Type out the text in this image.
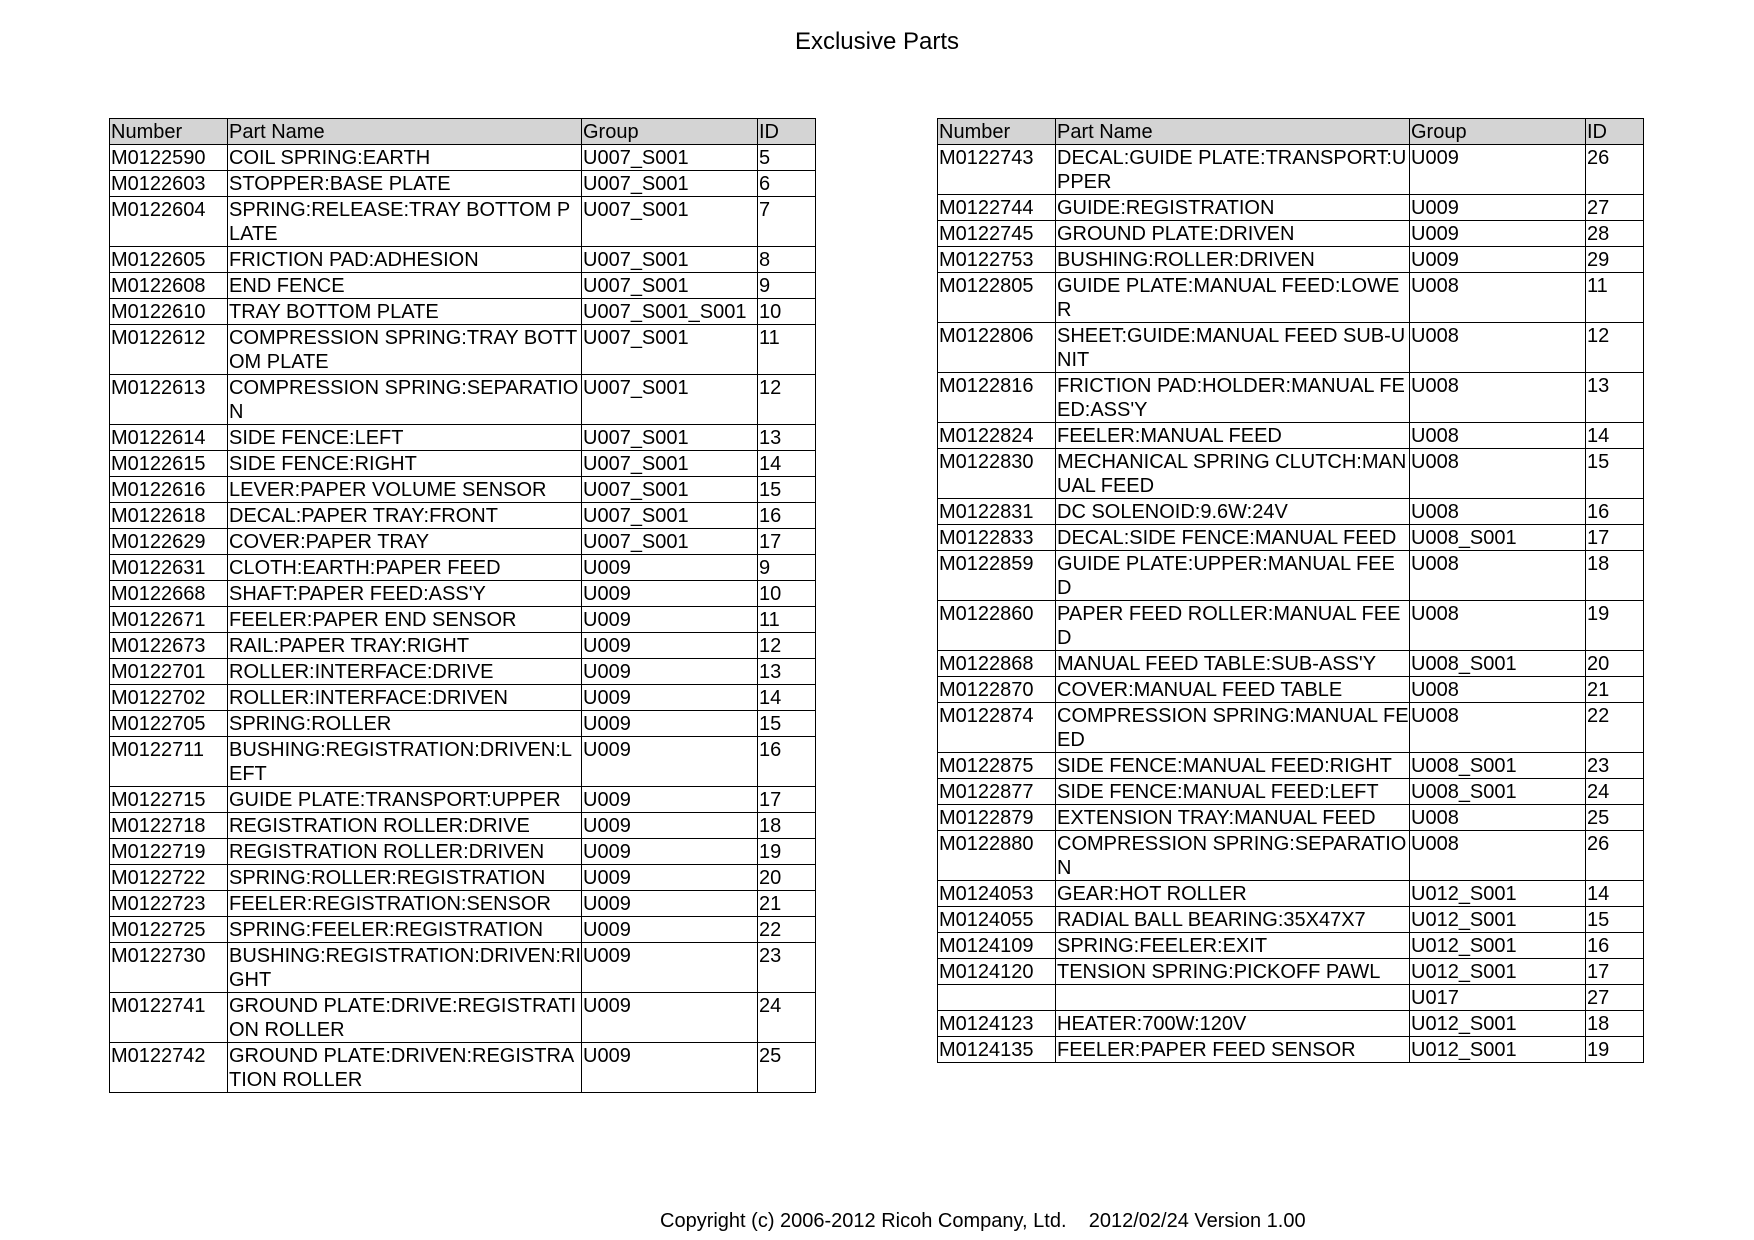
Exclusive Parts
Number	Part Name	Group	ID
M0122590	COIL SPRING:EARTH	U007_S001	5
M0122603	STOPPER:BASE PLATE	U007_S001	6
M0122604	SPRING:RELEASE:TRAY BOTTOM PLATE	U007_S001	7
M0122605	FRICTION PAD:ADHESION	U007_S001	8
M0122608	END FENCE	U007_S001	9
M0122610	TRAY BOTTOM PLATE	U007_S001_S001	10
M0122612	COMPRESSION SPRING:TRAY BOTTOM PLATE	U007_S001	11
M0122613	COMPRESSION SPRING:SEPARATION	U007_S001	12
M0122614	SIDE FENCE:LEFT	U007_S001	13
M0122615	SIDE FENCE:RIGHT	U007_S001	14
M0122616	LEVER:PAPER VOLUME SENSOR	U007_S001	15
M0122618	DECAL:PAPER TRAY:FRONT	U007_S001	16
M0122629	COVER:PAPER TRAY	U007_S001	17
M0122631	CLOTH:EARTH:PAPER FEED	U009	9
M0122668	SHAFT:PAPER FEED:ASS'Y	U009	10
M0122671	FEELER:PAPER END SENSOR	U009	11
M0122673	RAIL:PAPER TRAY:RIGHT	U009	12
M0122701	ROLLER:INTERFACE:DRIVE	U009	13
M0122702	ROLLER:INTERFACE:DRIVEN	U009	14
M0122705	SPRING:ROLLER	U009	15
M0122711	BUSHING:REGISTRATION:DRIVEN:LEFT	U009	16
M0122715	GUIDE PLATE:TRANSPORT:UPPER	U009	17
M0122718	REGISTRATION ROLLER:DRIVE	U009	18
M0122719	REGISTRATION ROLLER:DRIVEN	U009	19
M0122722	SPRING:ROLLER:REGISTRATION	U009	20
M0122723	FEELER:REGISTRATION:SENSOR	U009	21
M0122725	SPRING:FEELER:REGISTRATION	U009	22
M0122730	BUSHING:REGISTRATION:DRIVEN:RIGHT	U009	23
M0122741	GROUND PLATE:DRIVE:REGISTRATION ROLLER	U009	24
M0122742	GROUND PLATE:DRIVEN:REGISTRATION ROLLER	U009	25
Number	Part Name	Group	ID
M0122743	DECAL:GUIDE PLATE:TRANSPORT:UPPER	U009	26
M0122744	GUIDE:REGISTRATION	U009	27
M0122745	GROUND PLATE:DRIVEN	U009	28
M0122753	BUSHING:ROLLER:DRIVEN	U009	29
M0122805	GUIDE PLATE:MANUAL FEED:LOWER	U008	11
M0122806	SHEET:GUIDE:MANUAL FEED SUB-UNIT	U008	12
M0122816	FRICTION PAD:HOLDER:MANUAL FEED:ASS'Y	U008	13
M0122824	FEELER:MANUAL FEED	U008	14
M0122830	MECHANICAL SPRING CLUTCH:MANUAL FEED	U008	15
M0122831	DC SOLENOID:9.6W:24V	U008	16
M0122833	DECAL:SIDE FENCE:MANUAL FEED	U008_S001	17
M0122859	GUIDE PLATE:UPPER:MANUAL FEED	U008	18
M0122860	PAPER FEED ROLLER:MANUAL FEED	U008	19
M0122868	MANUAL FEED TABLE:SUB-ASS'Y	U008_S001	20
M0122870	COVER:MANUAL FEED TABLE	U008	21
M0122874	COMPRESSION SPRING:MANUAL FEED	U008	22
M0122875	SIDE FENCE:MANUAL FEED:RIGHT	U008_S001	23
M0122877	SIDE FENCE:MANUAL FEED:LEFT	U008_S001	24
M0122879	EXTENSION TRAY:MANUAL FEED	U008	25
M0122880	COMPRESSION SPRING:SEPARATION	U008	26
M0124053	GEAR:HOT ROLLER	U012_S001	14
M0124055	RADIAL BALL BEARING:35X47X7	U012_S001	15
M0124109	SPRING:FEELER:EXIT	U012_S001	16
M0124120	TENSION SPRING:PICKOFF PAWL	U012_S001	17
		U017	27
M0124123	HEATER:700W:120V	U012_S001	18
M0124135	FEELER:PAPER FEED SENSOR	U012_S001	19
Copyright (c) 2006-2012 Ricoh Company, Ltd. 2012/02/24 Version 1.00
